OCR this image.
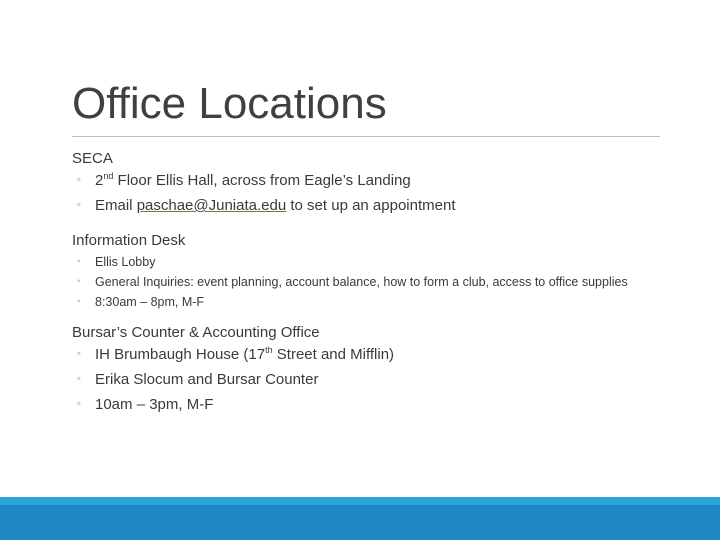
Office Locations
SECA
◦ 2nd Floor Ellis Hall, across from Eagle’s Landing
◦ Email paschae@Juniata.edu to set up an appointment
Information Desk
◦ Ellis Lobby
◦ General Inquiries: event planning, account balance, how to form a club, access to office supplies
◦ 8:30am – 8pm, M-F
Bursar’s Counter & Accounting Office
◦ IH Brumbaugh House (17th Street and Mifflin)
◦ Erika Slocum and Bursar Counter
◦ 10am – 3pm, M-F
